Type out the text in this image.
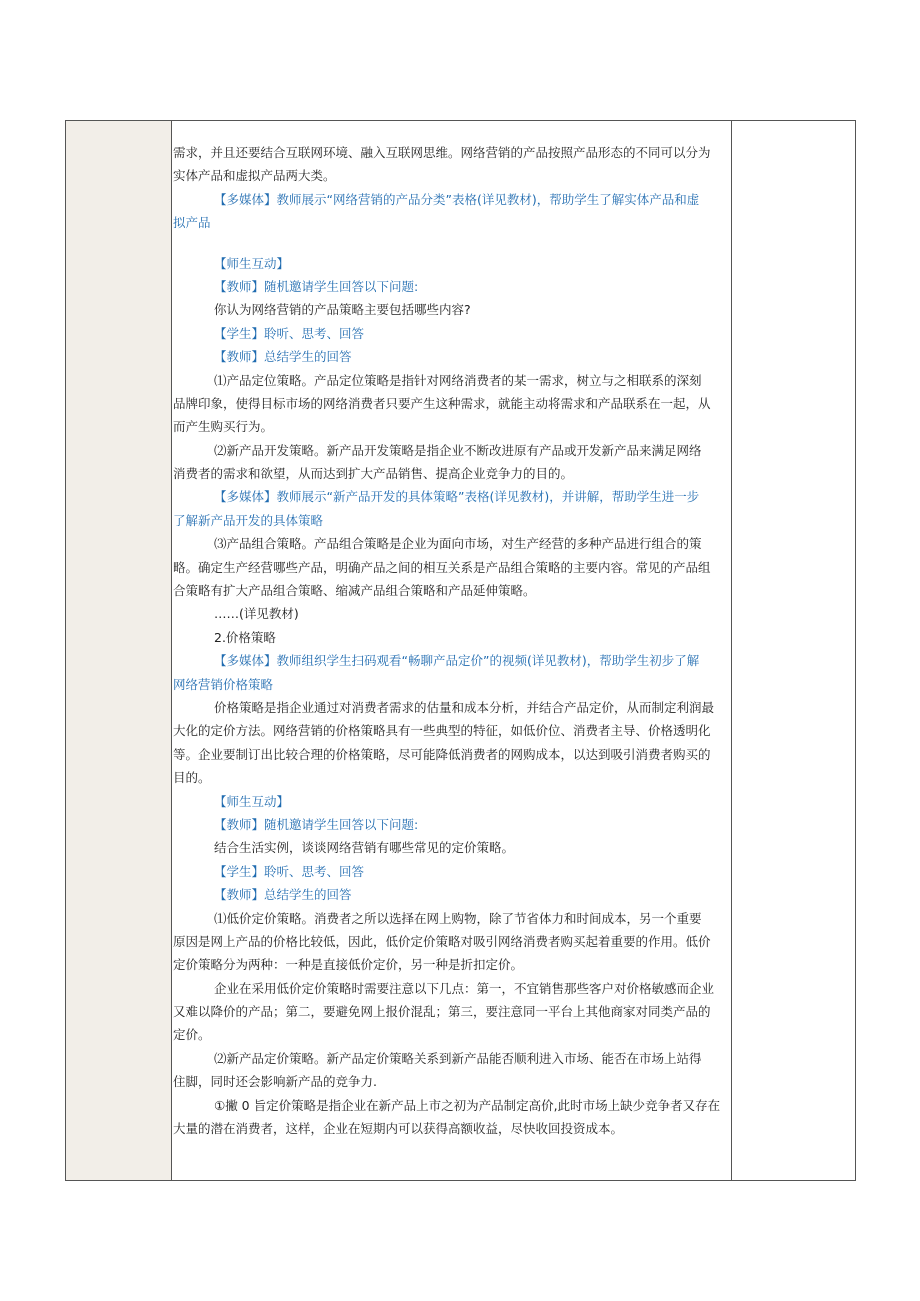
需求，并且还要结合互联网环境、融入互联网思维。网络营销的产品按照产品形态的不同可以分为
实体产品和虚拟产品两大类。
【多媒体】教师展示“网络营销的产品分类”表格(详见教材)，帮助学生了解实体产品和虚
拟产品
【师生互动】
【教师】随机邀请学生回答以下问题:
你认为网络营销的产品策略主要包括哪些内容?
【学生】聆听、思考、回答
【教师】总结学生的回答
⑴产品定位策略。产品定位策略是指针对网络消费者的某一需求，树立与之相联系的深刻
品牌印象，使得目标市场的网络消费者只要产生这种需求，就能主动将需求和产品联系在一起，从
而产生购买行为。
⑵新产品开发策略。新产品开发策略是指企业不断改进原有产品或开发新产品来满足网络
消费者的需求和欲望，从而达到扩大产品销售、提高企业竞争力的目的。
【多媒体】教师展示“新产品开发的具体策略”表格(详见教材)，并讲解，帮助学生进一步
了解新产品开发的具体策略
⑶产品组合策略。产品组合策略是企业为面向市场，对生产经营的多种产品进行组合的策
略。确定生产经营哪些产品，明确产品之间的相互关系是产品组合策略的主要内容。常见的产品组
合策略有扩大产品组合策略、缩减产品组合策略和产品延伸策略。
……(详见教材)
2.价格策略
【多媒体】教师组织学生扫码观看“畅聊产品定价”的视频(详见教材)，帮助学生初步了解
网络营销价格策略
价格策略是指企业通过对消费者需求的估量和成本分析，并结合产品定价，从而制定利润最
大化的定价方法。网络营销的价格策略具有一些典型的特征，如低价位、消费者主导、价格透明化
等。企业要制订出比较合理的价格策略，尽可能降低消费者的网购成本，以达到吸引消费者购买的
目的。
【师生互动】
【教师】随机邀请学生回答以下问题:
结合生活实例，谈谈网络营销有哪些常见的定价策略。
【学生】聆听、思考、回答
【教师】总结学生的回答
⑴低价定价策略。消费者之所以选择在网上购物，除了节省体力和时间成本，另一个重要
原因是网上产品的价格比较低，因此，低价定价策略对吸引网络消费者购买起着重要的作用。低价
定价策略分为两种：一种是直接低价定价，另一种是折扣定价。
企业在采用低价定价策略时需要注意以下几点：第一，不宜销售那些客户对价格敏感而企业
又难以降价的产品；第二，要避免网上报价混乱；第三，要注意同一平台上其他商家对同类产品的
定价。
⑵新产品定价策略。新产品定价策略关系到新产品能否顺利进入市场、能否在市场上站得
住脚，同时还会影响新产品的竞争力.
①撇 0 旨定价策略是指企业在新产品上市之初为产品制定高价,此时市场上缺少竞争者又存在
大量的潜在消费者，这样，企业在短期内可以获得高额收益，尽快收回投资成本。
